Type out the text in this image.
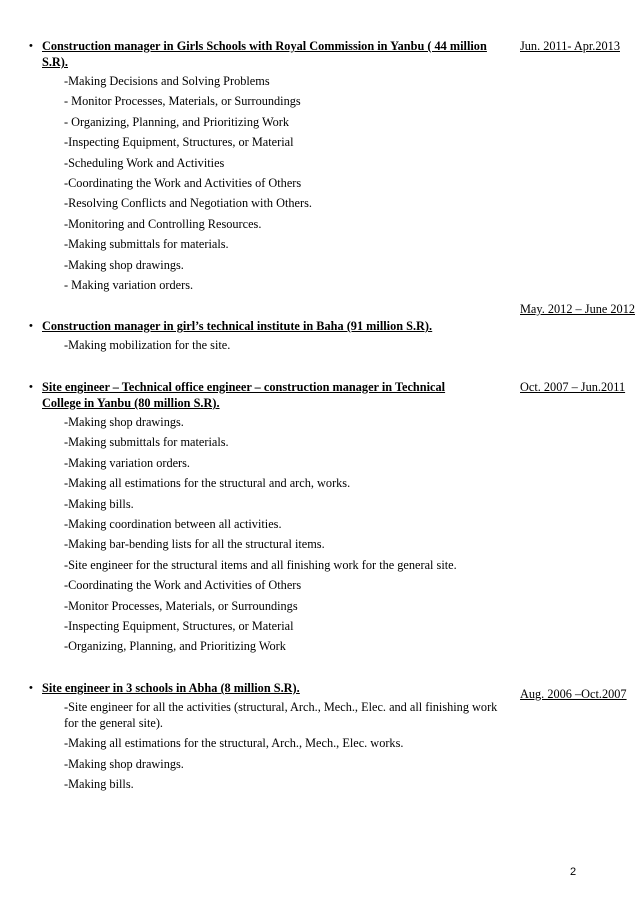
• Construction manager in Girls Schools with Royal Commission in Yanbu ( 44 million S.R).
Jun. 2011- Apr.2013
-Making Decisions and Solving Problems
- Monitor Processes, Materials, or Surroundings
- Organizing, Planning, and Prioritizing Work
-Inspecting Equipment, Structures, or Material
-Scheduling Work and Activities
-Coordinating the Work and Activities of Others
-Resolving Conflicts and Negotiation with Others.
-Monitoring and Controlling Resources.
-Making submittals for materials.
-Making shop drawings.
- Making variation orders.
• Construction manager in girl’s technical institute in Baha (91 million S.R).
May. 2012 – June 2012
-Making mobilization for the site.
• Site engineer – Technical office engineer – construction manager in Technical College in Yanbu (80 million S.R).
Oct. 2007 – Jun.2011
-Making shop drawings.
-Making submittals for materials.
-Making variation orders.
-Making all estimations for the structural and arch, works.
-Making bills.
-Making coordination between all activities.
-Making bar-bending lists for all the structural items.
-Site engineer for the structural items and all finishing work for the general site.
-Coordinating the Work and Activities of Others
-Monitor Processes, Materials, or Surroundings
-Inspecting Equipment, Structures, or Material
-Organizing, Planning, and Prioritizing Work
• Site engineer in 3 schools in Abha (8 million S.R).	Aug. 2006 –Oct.2007
-Site engineer for all the activities (structural, Arch., Mech., Elec. and all finishing work for the general site).
-Making all estimations for the structural, Arch., Mech., Elec. works.
-Making shop drawings.
-Making bills.
2
